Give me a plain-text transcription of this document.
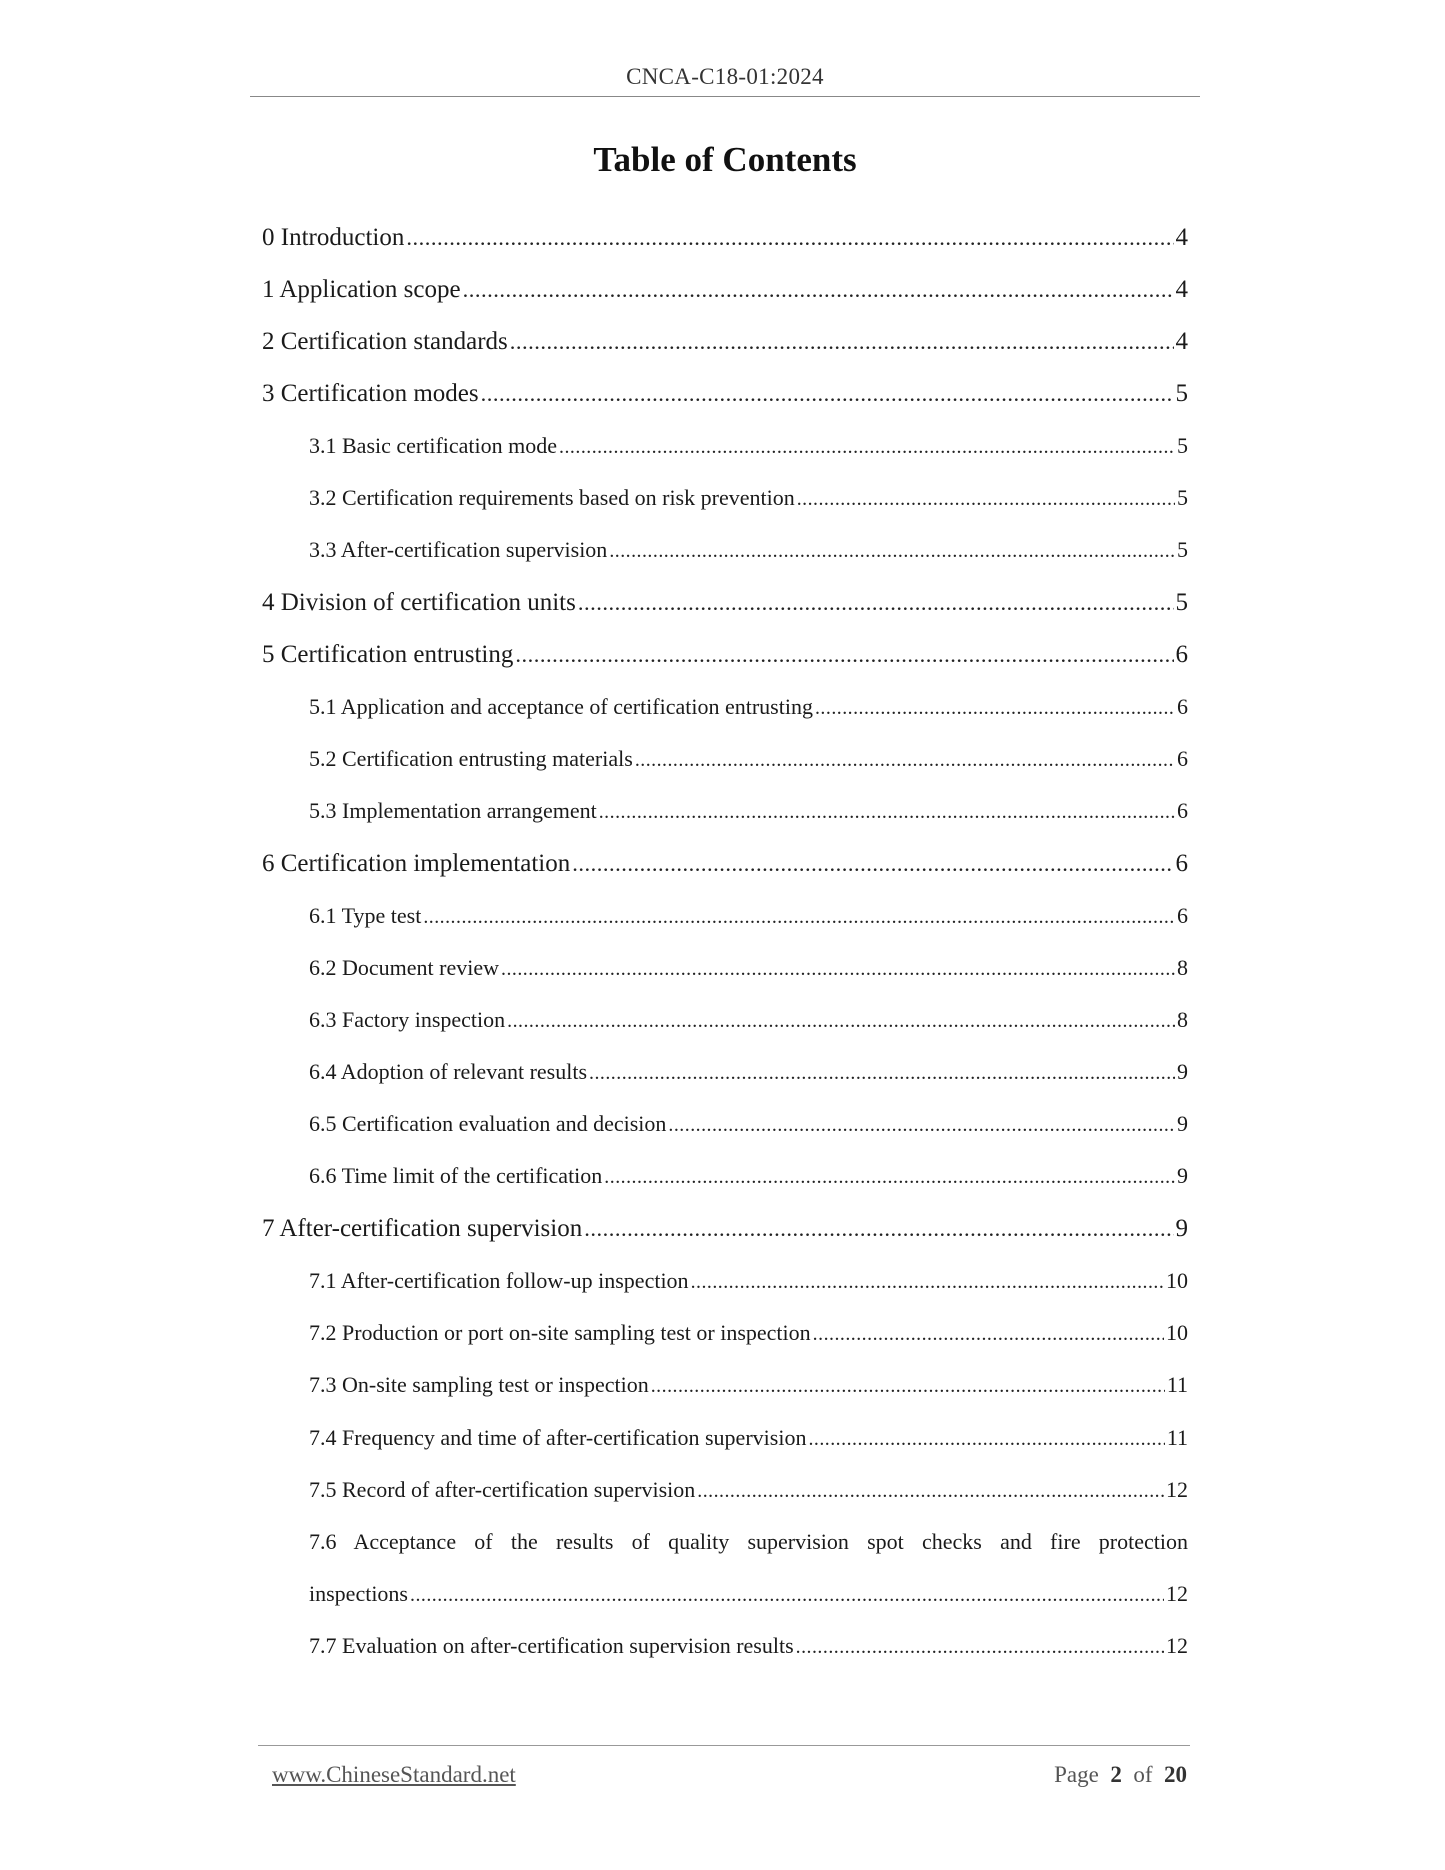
CNCA-C18-01:2024
Table of Contents
0 Introduction .....	4
1 Application scope .....	4
2 Certification standards .....	4
3 Certification modes .....	5
3.1 Basic certification mode .....	5
3.2 Certification requirements based on risk prevention .....	5
3.3 After-certification supervision .....	5
4 Division of certification units .....	5
5 Certification entrusting .....	6
5.1 Application and acceptance of certification entrusting .....	6
5.2 Certification entrusting materials .....	6
5.3 Implementation arrangement .....	6
6 Certification implementation .....	6
6.1 Type test .....	6
6.2 Document review .....	8
6.3 Factory inspection .....	8
6.4 Adoption of relevant results .....	9
6.5 Certification evaluation and decision .....	9
6.6 Time limit of the certification .....	9
7 After-certification supervision .....	9
7.1 After-certification follow-up inspection .....	10
7.2 Production or port on-site sampling test or inspection .....	10
7.3 On-site sampling test or inspection .....	11
7.4 Frequency and time of after-certification supervision .....	11
7.5 Record of after-certification supervision .....	12
7.6 Acceptance of the results of quality supervision spot checks and fire protection
inspections .....	12
7.7 Evaluation on after-certification supervision results .....	12
www.ChineseStandard.net	Page 2 of 20
